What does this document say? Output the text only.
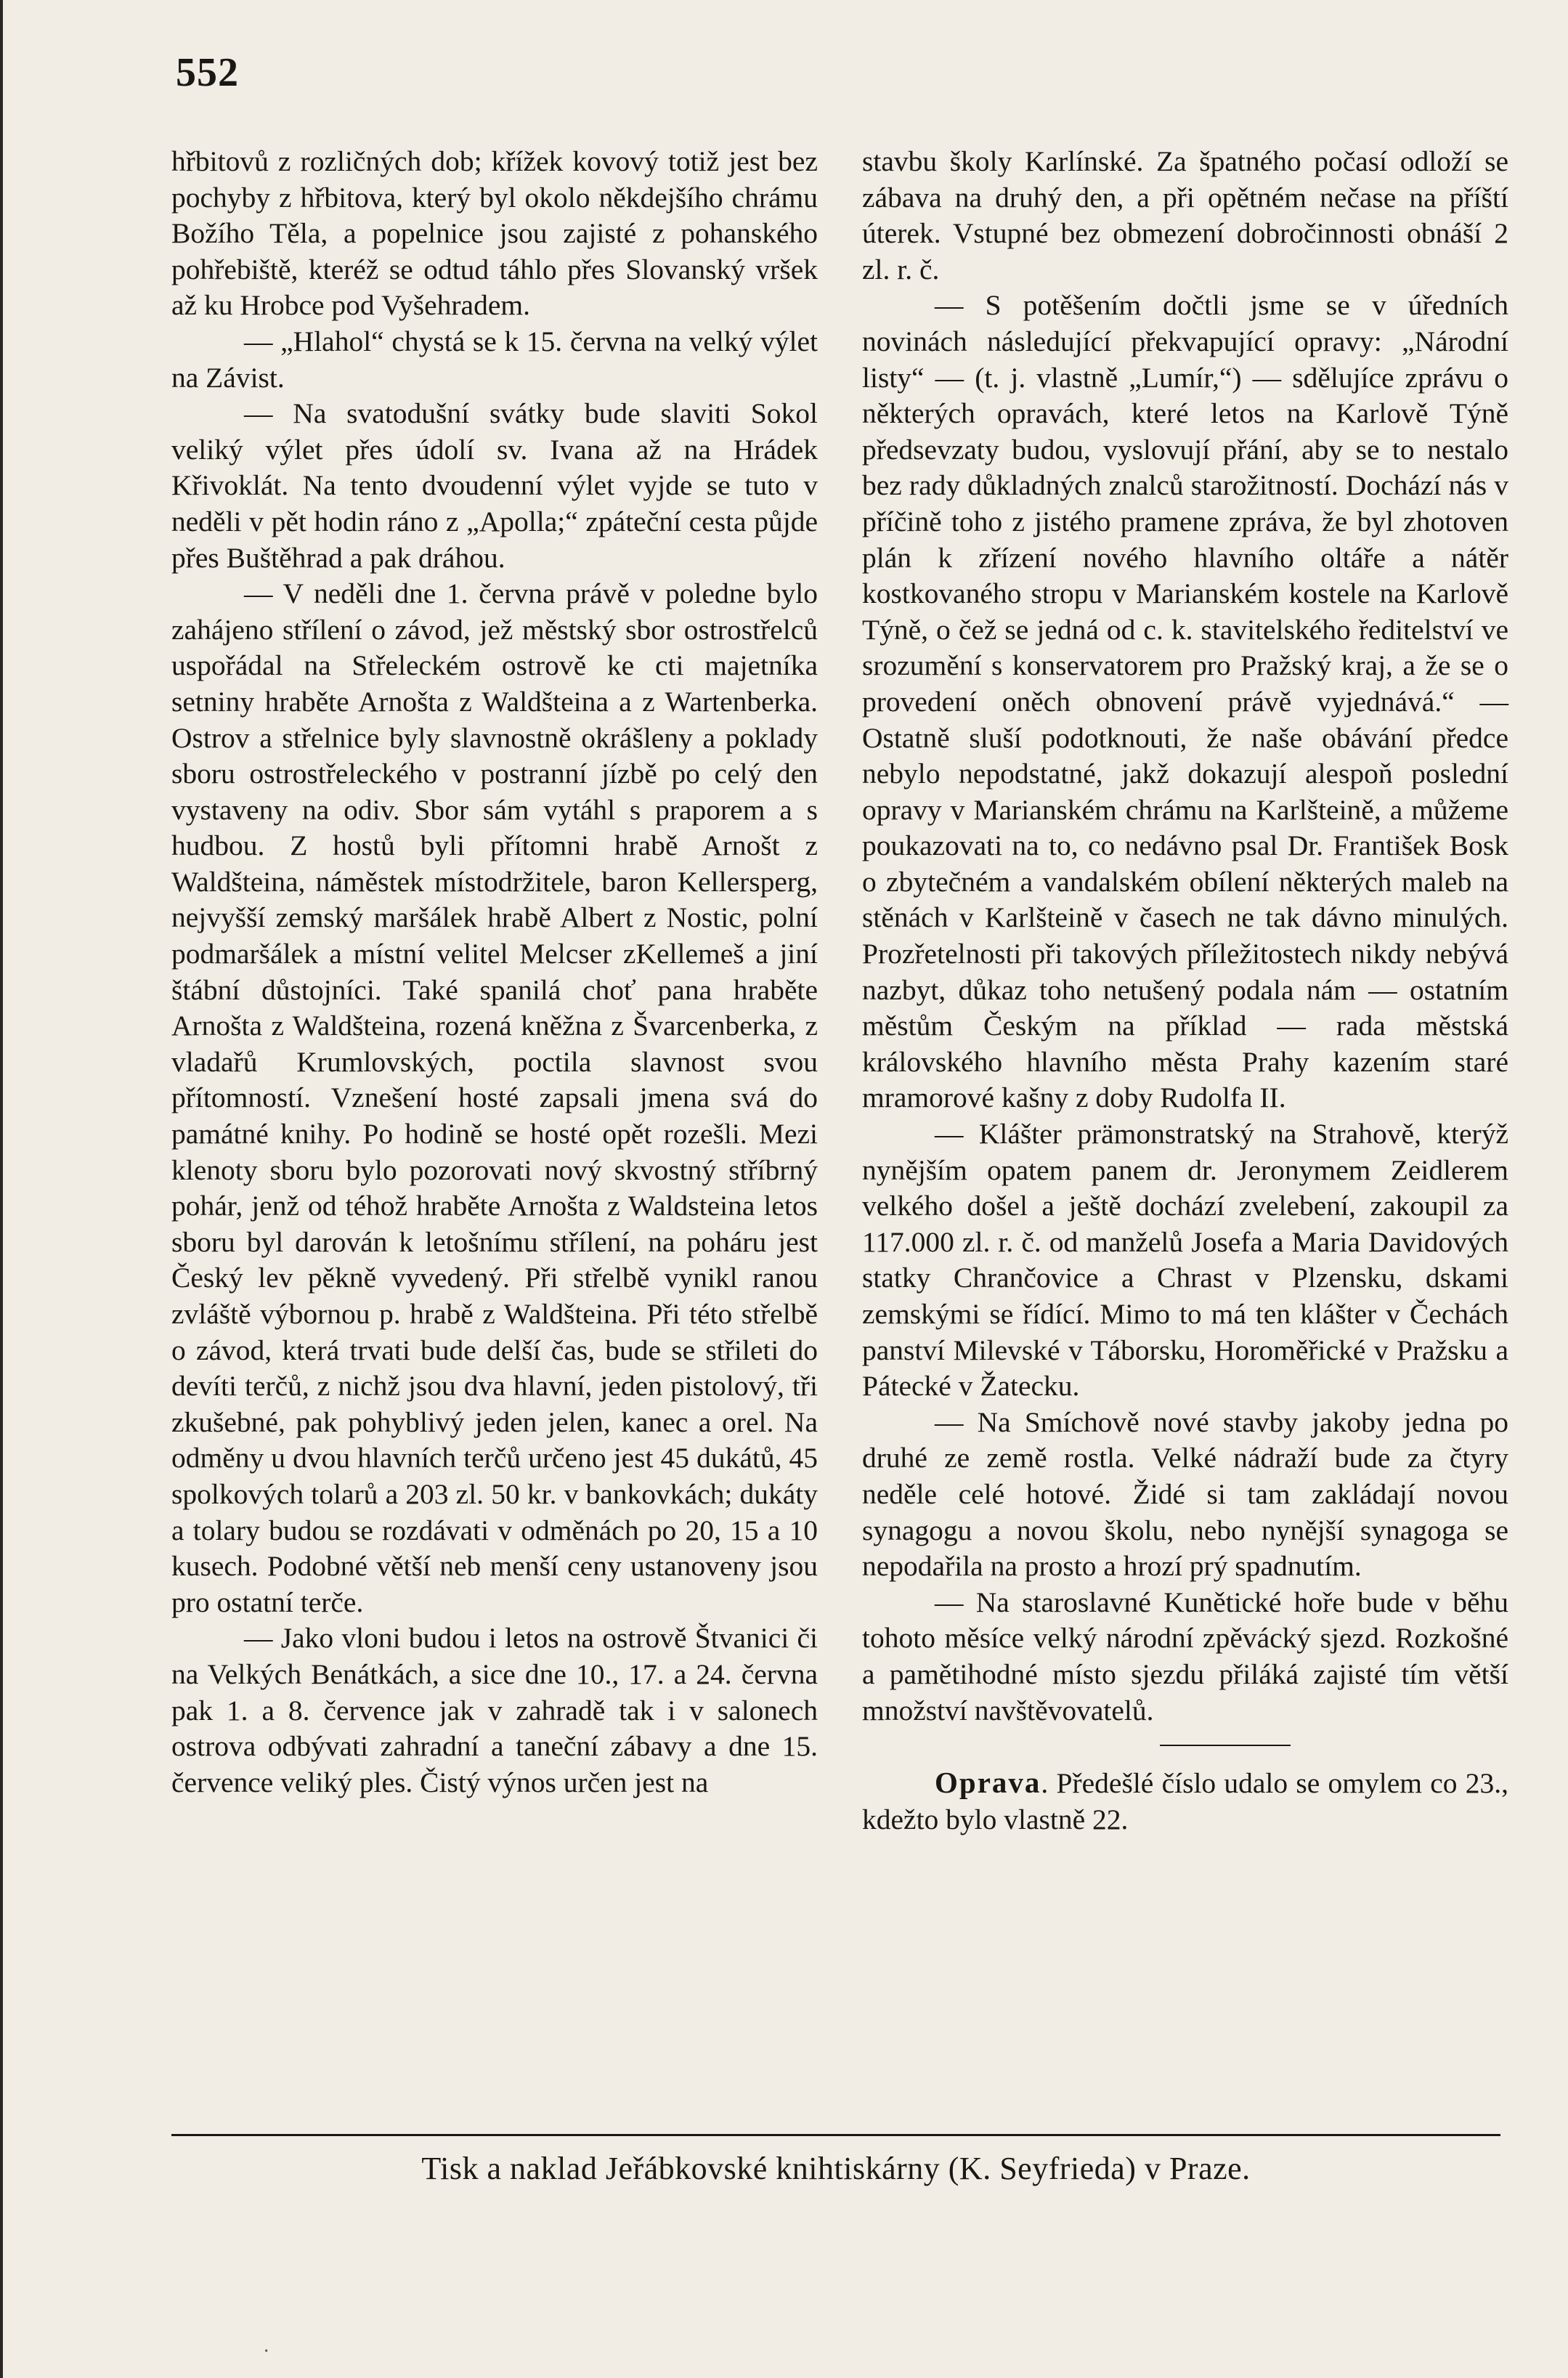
552

hřbitovů z rozličných dob; křížek kovový totiž jest bez pochyby z hřbitova, který byl okolo někdejšího chrámu Božího Těla, a popelnice jsou zajisté z pohanského pohřebiště, kteréž se odtud táhlo přes Slovanský vršek až ku Hrobce pod Vyšehradem.

— „Hlahol“ chystá se k 15. června na velký výlet na Závist.

— Na svatodušní svátky bude slaviti Sokol veliký výlet přes údolí sv. Ivana až na Hrádek Křivoklát. Na tento dvoudenní výlet vyjde se tuto v neděli v pět hodin ráno z „Apolla;“ zpáteční cesta půjde přes Buštěhrad a pak dráhou.

— V neděli dne 1. června právě v poledne bylo zahájeno střílení o závod, jež městský sbor ostrostřelců uspořádal na Střeleckém ostrově ke cti majetníka setniny hraběte Arnošta z Waldšteina a z Wartenberka. Ostrov a střelnice byly slavnostně okrášleny a poklady sboru ostrostřeleckého v postranní jízbě po celý den vystaveny na odiv. Sbor sám vytáhl s praporem a s hudbou. Z hostů byli přítomni hrabě Arnošt z Waldšteina, náměstek místodržitele, baron Kellersperg, nejvyšší zemský maršálek hrabě Albert z Nostic, polní podmaršálek a místní velitel Melcser zKellemeš a jiní štábní důstojníci. Také spanilá choť pana hraběte Arnošta z Waldšteina, rozená kněžna z Švarcenberka, z vladařů Krumlovských, poctila slavnost svou přítomností. Vznešení hosté zapsali jmena svá do památné knihy. Po hodině se hosté opět rozešli. Mezi klenoty sboru bylo pozorovati nový skvostný stříbrný pohár, jenž od téhož hraběte Arnošta z Waldsteina letos sboru byl darován k letošnímu střílení, na poháru jest Český lev pěkně vyvedený. Při střelbě vynikl ranou zvláště výbornou p. hrabě z Waldšteina. Při této střelbě o závod, která trvati bude delší čas, bude se střileti do devíti terčů, z nichž jsou dva hlavní, jeden pistolový, tři zkušebné, pak pohyblivý jeden jelen, kanec a orel. Na odměny u dvou hlavních terčů určeno jest 45 dukátů, 45 spolkových tolarů a 203 zl. 50 kr. v bankovkách; dukáty a tolary budou se rozdávati v odměnách po 20, 15 a 10 kusech. Podobné větší neb menší ceny ustanoveny jsou pro ostatní terče.

— Jako vloni budou i letos na ostrově Štvanici či na Velkých Benátkách, a sice dne 10., 17. a 24. června pak 1. a 8. července jak v zahradě tak i v salonech ostrova odbývati zahradní a taneční zábavy a dne 15. července veliký ples. Čistý výnos určen jest na

stavbu školy Karlínské. Za špatného počasí odloží se zábava na druhý den, a při opětném nečase na příští úterek. Vstupné bez obmezení dobročinnosti obnáší 2 zl. r. č.

— S potěšením dočtli jsme se v úředních novinách následující překvapující opravy: „Národní listy“ — (t. j. vlastně „Lumír,“) — sdělujíce zprávu o některých opravách, které letos na Karlově Týně předsevzaty budou, vyslovují přání, aby se to nestalo bez rady důkladných znalců starožitností. Dochází nás v příčině toho z jistého pramene zpráva, že byl zhotoven plán k zřízení nového hlavního oltáře a nátěr kostkovaného stropu v Marianském kostele na Karlově Týně, o čež se jedná od c. k. stavitelského ředitelství ve srozumění s konservatorem pro Pražský kraj, a že se o provedení oněch obnovení právě vyjednává.“ — Ostatně sluší podotknouti, že naše obávání předce nebylo nepodstatné, jakž dokazují alespoň poslední opravy v Marianském chrámu na Karlšteině, a můžeme poukazovati na to, co nedávno psal Dr. František Bosk o zbytečném a vandalském obílení některých maleb na stěnách v Karlšteině v časech ne tak dávno minulých. Prozřetelnosti při takových příležitostech nikdy nebývá nazbyt, důkaz toho netušený podala nám — ostatním městům Českým na příklad — rada městská královského hlavního města Prahy kazením staré mramorové kašny z doby Rudolfa II.

— Klášter prämonstratský na Strahově, kterýž nynějším opatem panem dr. Jeronymem Zeidlerem velkého došel a ještě dochází zvelebení, zakoupil za 117.000 zl. r. č. od manželů Josefa a Maria Davidových statky Chrančovice a Chrast v Plzensku, dskami zemskými se řídící. Mimo to má ten klášter v Čechách panství Milevské v Táborsku, Horoměřické v Pražsku a Pátecké v Žatecku.

— Na Smíchově nové stavby jakoby jedna po druhé ze země rostla. Velké nádraží bude za čtyry neděle celé hotové. Židé si tam zakládají novou synagogu a novou školu, nebo nynější synagoga se nepodařila na prosto a hrozí prý spadnutím.

— Na staroslavné Kunětické hoře bude v běhu tohoto měsíce velký národní zpěvácký sjezd. Rozkošné a pamětihodné místo sjezdu přiláká zajisté tím větší množství navštěvovatelů.

Oprava. Předešlé číslo udalo se omylem co 23., kdežto bylo vlastně 22.

Tisk a naklad Jeřábkovské knihtiskárny (K. Seyfrieda) v Praze.
·
